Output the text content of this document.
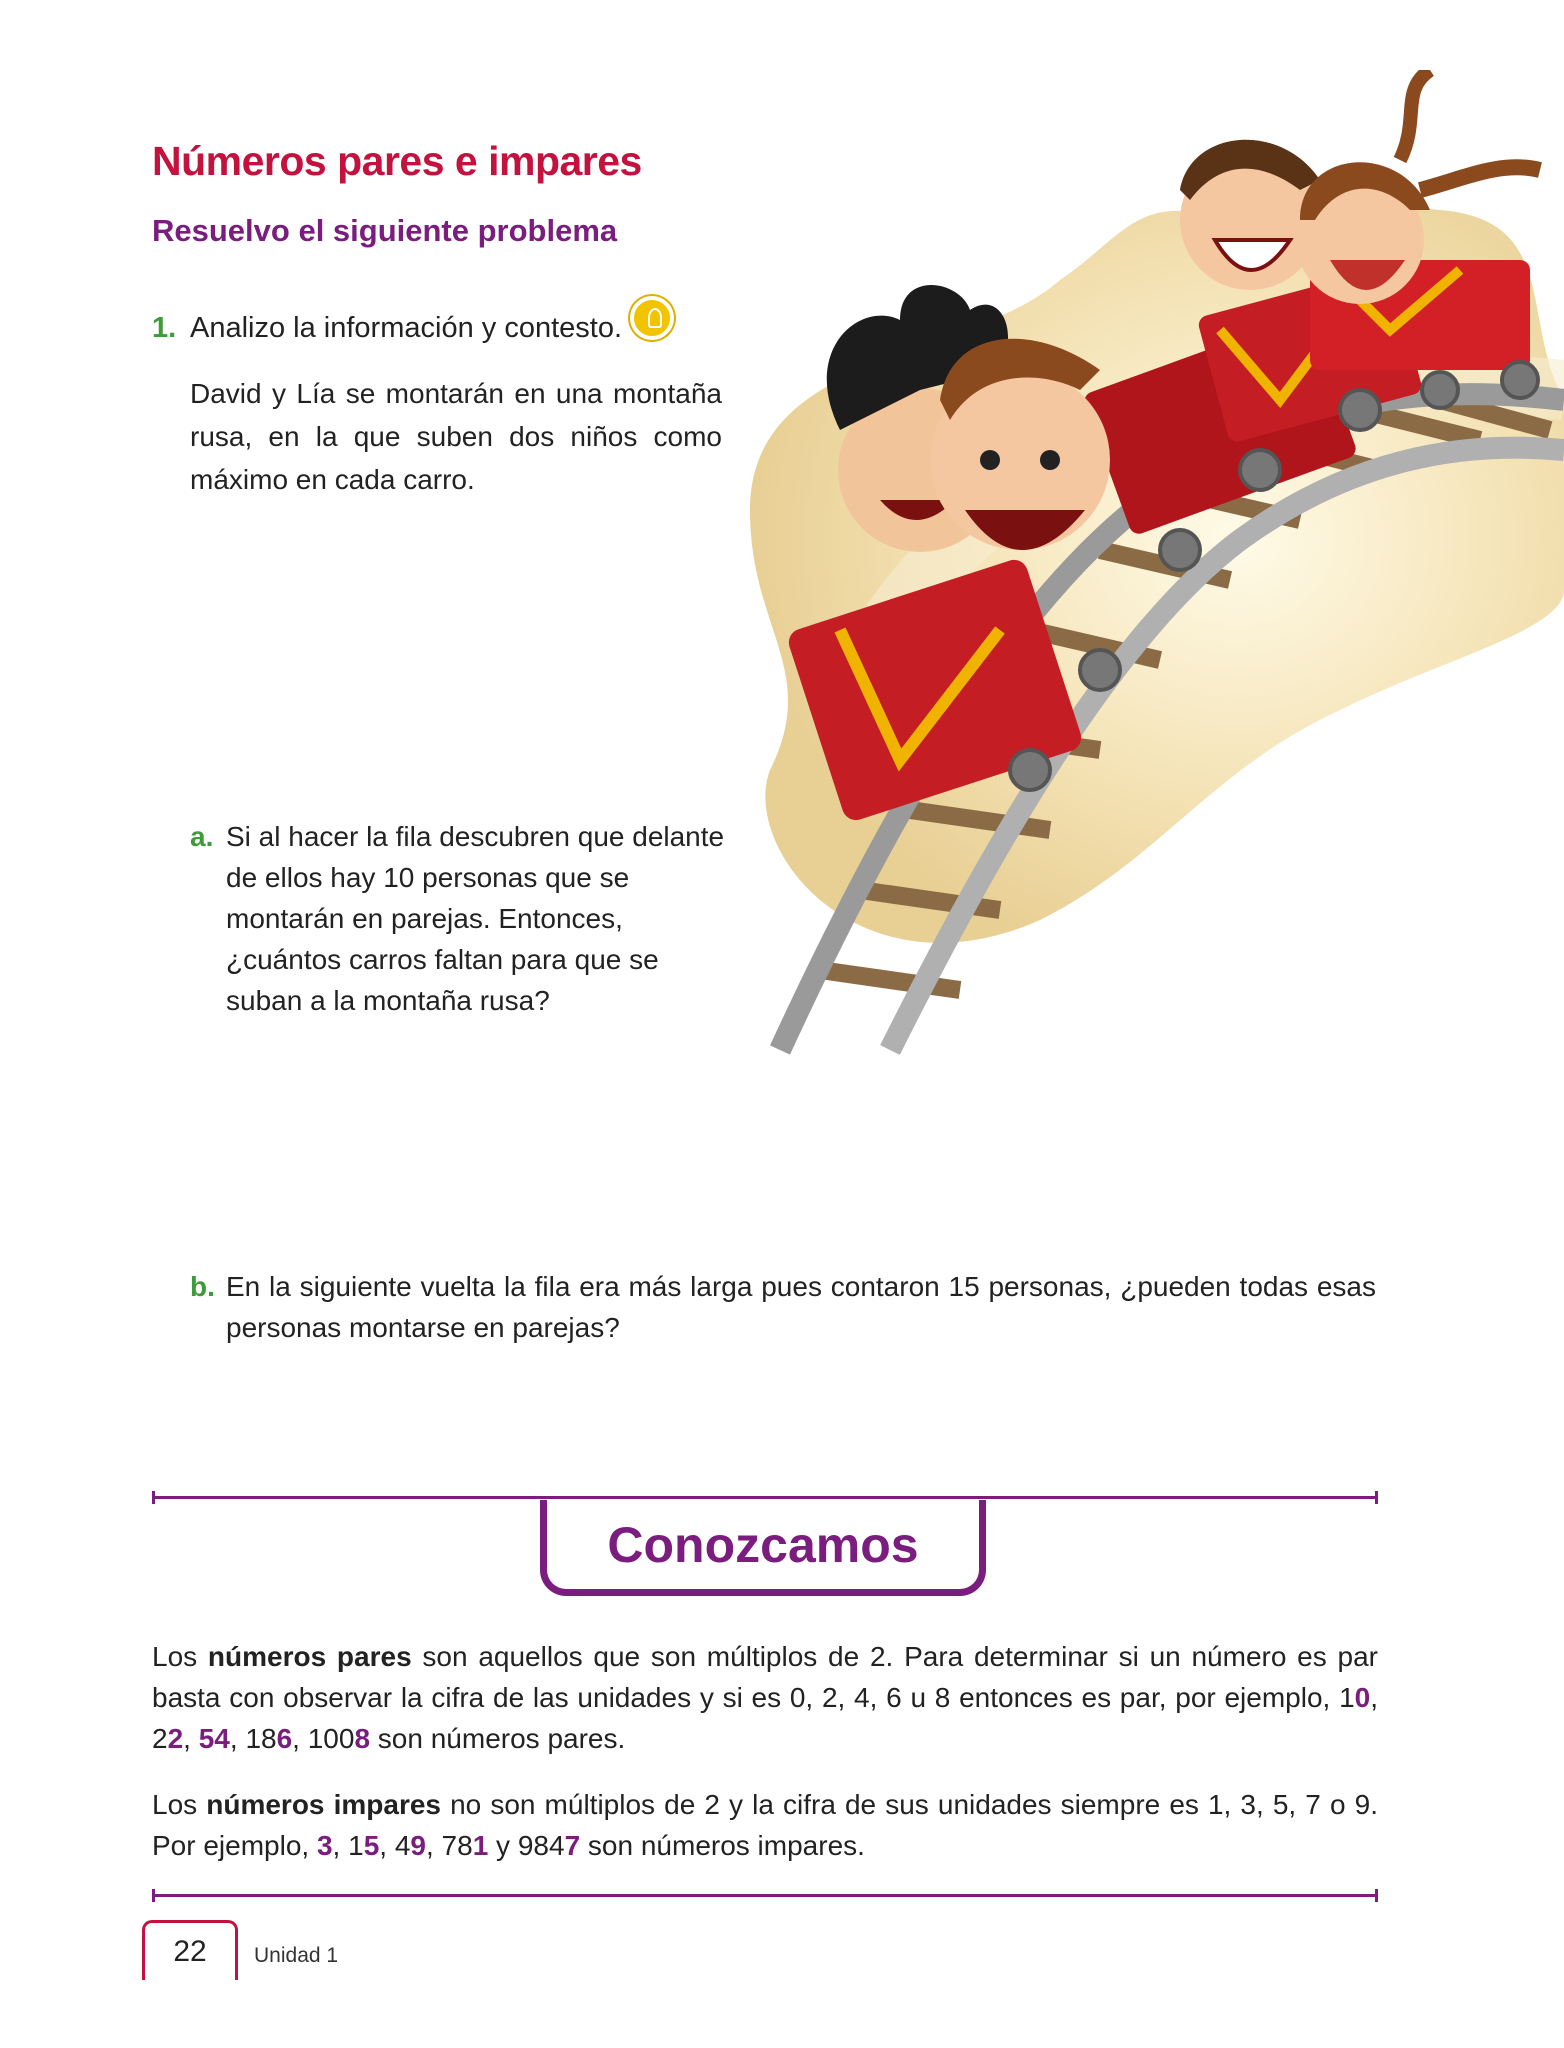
Números pares e impares
Resuelvo el siguiente problema
1. Analizo la información y contesto.
David y Lía se montarán en una montaña rusa, en la que suben dos niños como máximo en cada carro.
a. Si al hacer la fila descubren que delante de ellos hay 10 personas que se montarán en parejas. Entonces, ¿cuántos carros faltan para que se suban a la montaña rusa?
b. En la siguiente vuelta la fila era más larga pues contaron 15 personas, ¿pueden todas esas personas montarse en parejas?
Conozcamos
Los números pares son aquellos que son múltiplos de 2. Para determinar si un número es par basta con observar la cifra de las unidades y si es 0, 2, 4, 6 u 8 entonces es par, por ejemplo, 10, 22, 54, 186, 1008 son números pares.
Los números impares no son múltiplos de 2 y la cifra de sus unidades siempre es 1, 3, 5, 7 o 9. Por ejemplo, 3, 15, 49, 781 y 9847 son números impares.
22	Unidad 1
